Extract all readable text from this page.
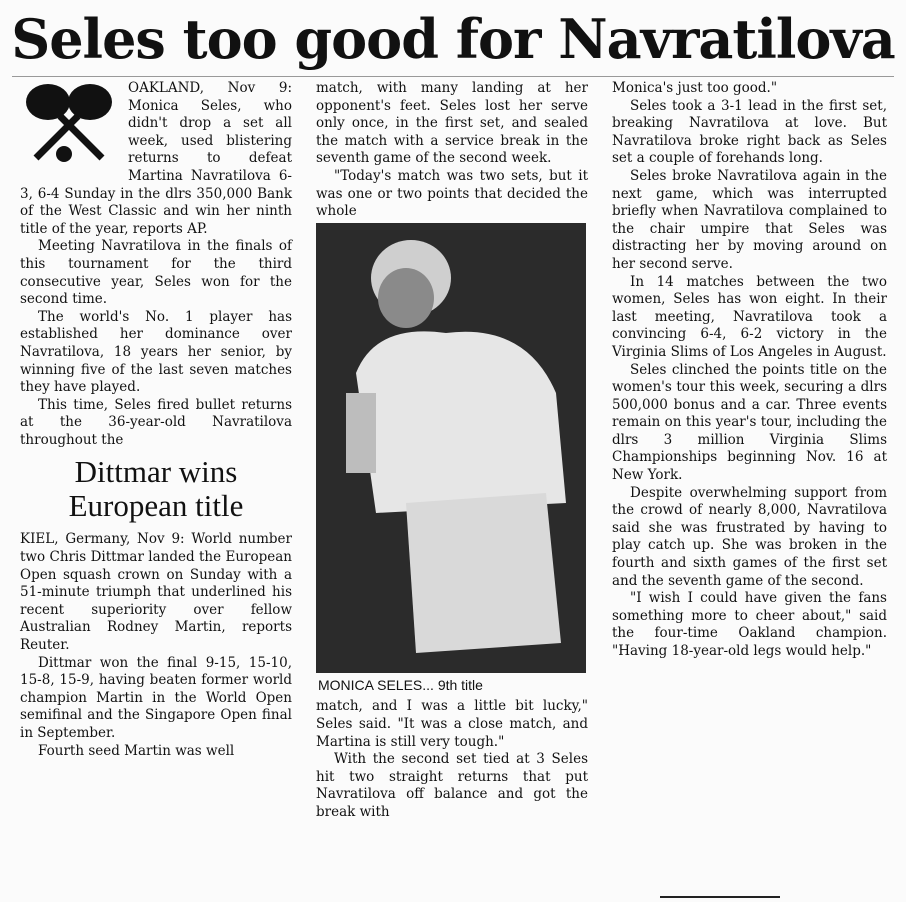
Seles too good for Navratilova

OAKLAND, Nov 9: Monica Seles, who didn't drop a set all week, used blistering returns to defeat Martina Navratilova 6-3, 6-4 Sunday in the dlrs 350,000 Bank of the West Classic and win her ninth title of the year, reports AP.

Meeting Navratilova in the finals of this tournament for the third consecutive year, Seles won for the second time.

The world's No. 1 player has established her dominance over Navratilova, 18 years her senior, by winning five of the last seven matches they have played.

This time, Seles fired bullet returns at the 36-year-old Navratilova throughout the

Dittmar wins European title

KIEL, Germany, Nov 9: World number two Chris Dittmar landed the European Open squash crown on Sunday with a 51-minute triumph that underlined his recent superiority over fellow Australian Rodney Martin, reports Reuter.

Dittmar won the final 9-15, 15-10, 15-8, 15-9, having beaten former world champion Martin in the World Open semifinal and the Singapore Open final in September.

Fourth seed Martin was well

match, with many landing at her opponent's feet. Seles lost her serve only once, in the first set, and sealed the match with a service break in the seventh game of the second week.

"Today's match was two sets, but it was one or two points that decided the whole

MONICA SELES... 9th title

match, and I was a little bit lucky," Seles said. "It was a close match, and Martina is still very tough."

With the second set tied at 3 Seles hit two straight returns that put Navratilova off balance and got the break with

Monica's just too good."

Seles took a 3-1 lead in the first set, breaking Navratilova at love. But Navratilova broke right back as Seles set a couple of forehands long.

Seles broke Navratilova again in the next game, which was interrupted briefly when Navratilova complained to the chair umpire that Seles was distracting her by moving around on her second serve.

In 14 matches between the two women, Seles has won eight. In their last meeting, Navratilova took a convincing 6-4, 6-2 victory in the Virginia Slims of Los Angeles in August.

Seles clinched the points title on the women's tour this week, securing a dlrs 500,000 bonus and a car. Three events remain on this year's tour, including the dlrs 3 million Virginia Slims Championships beginning Nov. 16 at New York.

Despite overwhelming support from the crowd of nearly 8,000, Navratilova said she was frustrated by having to play catch up. She was broken in the fourth and sixth games of the first set and the seventh game of the second.

"I wish I could have given the fans something more to cheer about," said the four-time Oakland champion. "Having 18-year-old legs would help."
